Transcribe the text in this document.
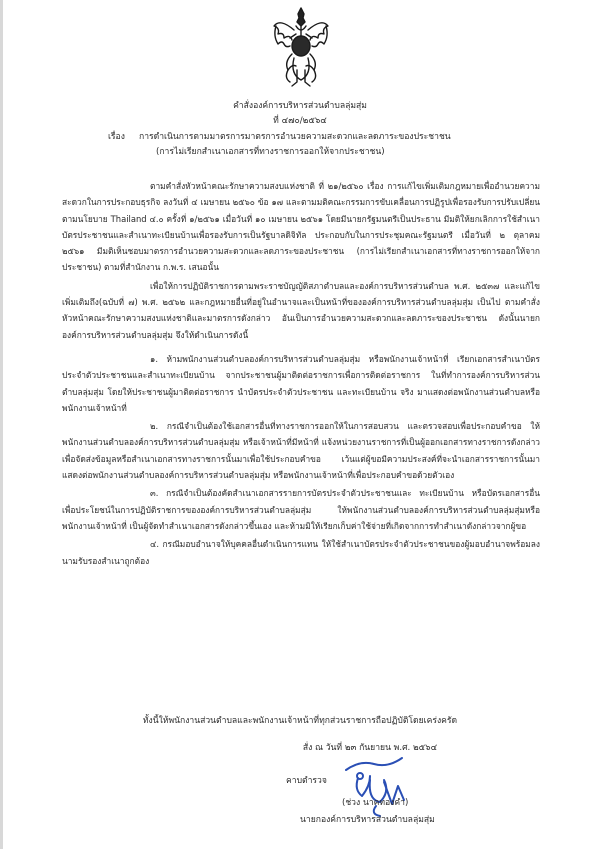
คำสั่งองค์การบริหารส่วนตำบลลุ่มสุ่ม
ที่ ๔๗๐/๒๕๖๔
เรื่อง การดำเนินการตามมาตรการมาตรการอำนวยความสะดวกและลดภาระของประชาชน
(การไม่เรียกสำเนาเอกสารที่ทางราชการออกให้จากประชาชน)

ตามคำสั่งหัวหน้าคณะรักษาความสงบแห่งชาติ ที่ ๒๑/๒๕๖๐ เรื่อง การแก้ไขเพิ่มเติมกฎหมายเพื่ออำนวยความสะดวกในการประกอบธุรกิจ ลงวันที่ ๔ เมษายน ๒๕๖๐ ข้อ ๑๗ และตามมติคณะกรรมการขับเคลื่อนการปฏิรูปเพื่อรองรับการปรับเปลี่ยนตามนโยบาย Thailand ๔.๐ ครั้งที่ ๑/๒๕๖๑ เมื่อวันที่ ๑๐ เมษายน ๒๕๖๑ โดยมีนายกรัฐมนตรีเป็นประธาน มีมติให้ยกเลิกการใช้สำเนาบัตรประชาชนและสำเนาทะเบียนบ้านเพื่อรองรับการเป็นรัฐบาลดิจิทัล ประกอบกับในการประชุมคณะรัฐมนตรี เมื่อวันที่ ๒ ตุลาคม ๒๕๖๑ มีมติเห็นชอบมาตรการอำนวยความสะดวกและลดภาระของประชาชน (การไม่เรียกสำเนาเอกสารที่ทางราชการออกให้จากประชาชน) ตามที่สำนักงาน ก.พ.ร. เสนอนั้น

เพื่อให้การปฏิบัติราชการตามพระราชบัญญัติสภาตำบลและองค์การบริหารส่วนตำบล พ.ศ. ๒๕๓๗ และแก้ไขเพิ่มเติมถึง(ฉบับที่ ๗) พ.ศ. ๒๕๖๒ และกฎหมายอื่นที่อยู่ในอำนาจและเป็นหน้าที่ขององค์การบริหารส่วนตำบลลุ่มสุ่ม เป็นไป ตามคำสั่งหัวหน้าคณะรักษาความสงบแห่งชาติและมาตรการดังกล่าว อันเป็นการอำนวยความสะดวกและลดภาระของประชาชน ดังนั้นนายกองค์การบริหารส่วนตำบลลุ่มสุ่ม จึงให้ดำเนินการดังนี้

๑. ห้ามพนักงานส่วนตำบลองค์การบริหารส่วนตำบลลุ่มสุ่ม หรือพนักงานเจ้าหน้าที่ เรียกเอกสารสำเนาบัตรประจำตัวประชาชนและสำเนาทะเบียนบ้าน จากประชาชนผู้มาติดต่อราชการเพื่อการติดต่อราชการ ในที่ทำการองค์การบริหารส่วนตำบลลุ่มสุ่ม โดยให้ประชาชนผู้มาติดต่อราชการ นำบัตรประจำตัวประชาชน และทะเบียนบ้าน จริง มาแสดงต่อพนักงานส่วนตำบลหรือพนักงานเจ้าหน้าที่

๒. กรณีจำเป็นต้องใช้เอกสารอื่นที่ทางราชการออกให้ในการสอบสวน และตรวจสอบเพื่อประกอบคำขอ ให้พนักงานส่วนตำบลองค์การบริหารส่วนตำบลลุ่มสุ่ม หรือเจ้าหน้าที่มีหน้าที่ แจ้งหน่วยงานราชการที่เป็นผู้ออกเอกสารทางราชการดังกล่าว เพื่อจัดส่งข้อมูลหรือสำเนาเอกสารทางราชการนั้นมาเพื่อใช้ประกอบคำขอ เว้นแต่ผู้ขอมีความประสงค์ที่จะนำเอกสารราชการนั้นมาแสดงต่อพนักงานส่วนตำบลองค์การบริหารส่วนตำบลลุ่มสุ่ม หรือพนักงานเจ้าหน้าที่เพื่อประกอบคำขอด้วยตัวเอง

๓. กรณีจำเป็นต้องคัดสำเนาเอกสารรายการบัตรประจำตัวประชาชนและ ทะเบียนบ้าน หรือบัตรเอกสารอื่น เพื่อประโยชน์ในการปฏิบัติราชการขององค์การบริหารส่วนตำบลลุ่มสุ่ม ให้พนักงานส่วนตำบลองค์การบริหารส่วนตำบลลุ่มสุ่มหรือพนักงานเจ้าหน้าที่ เป็นผู้จัดทำสำเนาเอกสารดังกล่าวขึ้นเอง และห้ามมิให้เรียกเก็บค่าใช้จ่ายที่เกิดจากการทำสำเนาดังกล่าวจากผู้ขอ

๔. กรณีมอบอำนาจให้บุคคลอื่นดำเนินการแทน ให้ใช้สำเนาบัตรประจำตัวประชาชนของผู้มอบอำนาจพร้อมลงนามรับรองสำเนาถูกต้อง

ทั้งนี้ให้พนักงานส่วนตำบลและพนักงานเจ้าหน้าที่ทุกส่วนราชการถือปฏิบัติโดยเคร่งครัด
สั่ง ณ วันที่ ๒๓ กันยายน พ.ศ. ๒๕๖๔
คาบตำรวจ
(ช่วง นาคทองคำ)
นายกองค์การบริหารส่วนตำบลลุ่มสุ่ม
